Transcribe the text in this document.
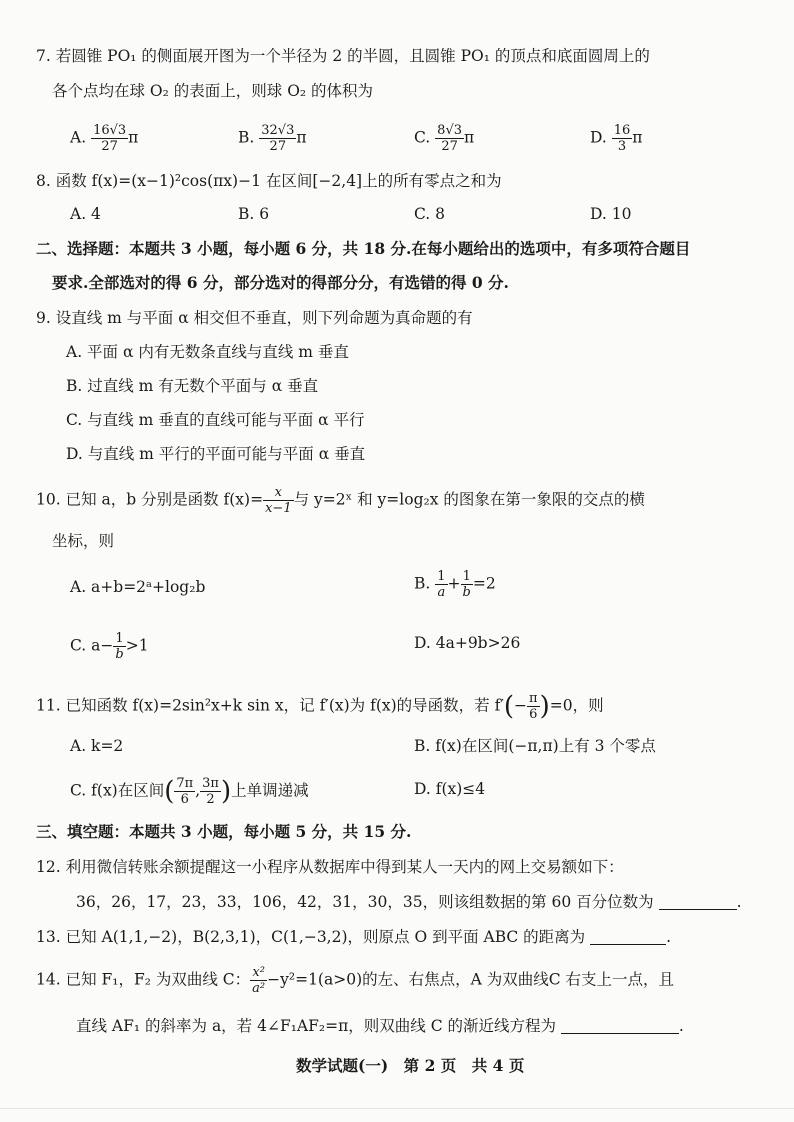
7. 若圆锥 PO₁ 的侧面展开图为一个半径为 2 的半圆，且圆锥 PO₁ 的顶点和底面圆周上的
各个点均在球 O₂ 的表面上，则球 O₂ 的体积为
A. $\frac{16√3}{27}$ π	B. $\frac{32√3}{27}$ π	C. $\frac{8√3}{27}$ π	D. $\frac{16}{3}$ π
8. 函数 f(x)=(x−1)²cos(πx)−1 在区间[−2,4]上的所有零点之和为
A. 4	B. 6	C. 8	D. 10
二、选择题：本题共 3 小题，每小题 6 分，共 18 分.在每小题给出的选项中，有多项符合题目
要求.全部选对的得 6 分，部分选对的得部分分，有选错的得 0 分.
9. 设直线 m 与平面 α 相交但不垂直，则下列命题为真命题的有
A. 平面 α 内有无数条直线与直线 m 垂直
B. 过直线 m 有无数个平面与 α 垂直
C. 与直线 m 垂直的直线可能与平面 α 平行
D. 与直线 m 平行的平面可能与平面 α 垂直
10. 已知 a，b 分别是函数 $f(x)= \frac{x}{x-1}$ 与 y=2ˣ 和 y=log₂x 的图象在第一象限的交点的横
坐标，则
A. a+b=2ᵃ+log₂b	B. $\frac{1}{a} + \frac{1}{b} =2$
C. $a- \frac{1}{b} >1$	D. 4a+9b>26
11. 已知函数 f(x)=2sin²x+k sin x，记 f′(x)为 f(x)的导函数，若 $f'(- \frac{\pi}{6} )=0$，则
A. k=2	B. f(x)在区间(−π,π)上有 3 个零点
C. f(x)在区间( $\frac{7\pi}{6}$ , $\frac{3\pi}{2}$ )上单调递减	D. f(x)≤4
三、填空题：本题共 3 小题，每小题 5 分，共 15 分.
12. 利用微信转账余额提醒这一小程序从数据库中得到某人一天内的网上交易额如下：
36，26，17，23，33，106，42，31，30，35，则该组数据的第 60 百分位数为	.
13. 已知 A(1,1,−2)，B(2,3,1)，C(1,−3,2)，则原点 O 到平面 ABC 的距离为	.
14. 已知 F₁，F₂ 为双曲线 C： $\frac{\text{x²}}{\text{a²}} -y^2=1(a>0)$的左、右焦点，A 为双曲线C 右支上一点，且
直线 AF₁ 的斜率为 a，若 4∠F₁AF₂=π，则双曲线 C 的渐近线方程为	.
数学试题(一)　第 2 页　共 4 页
